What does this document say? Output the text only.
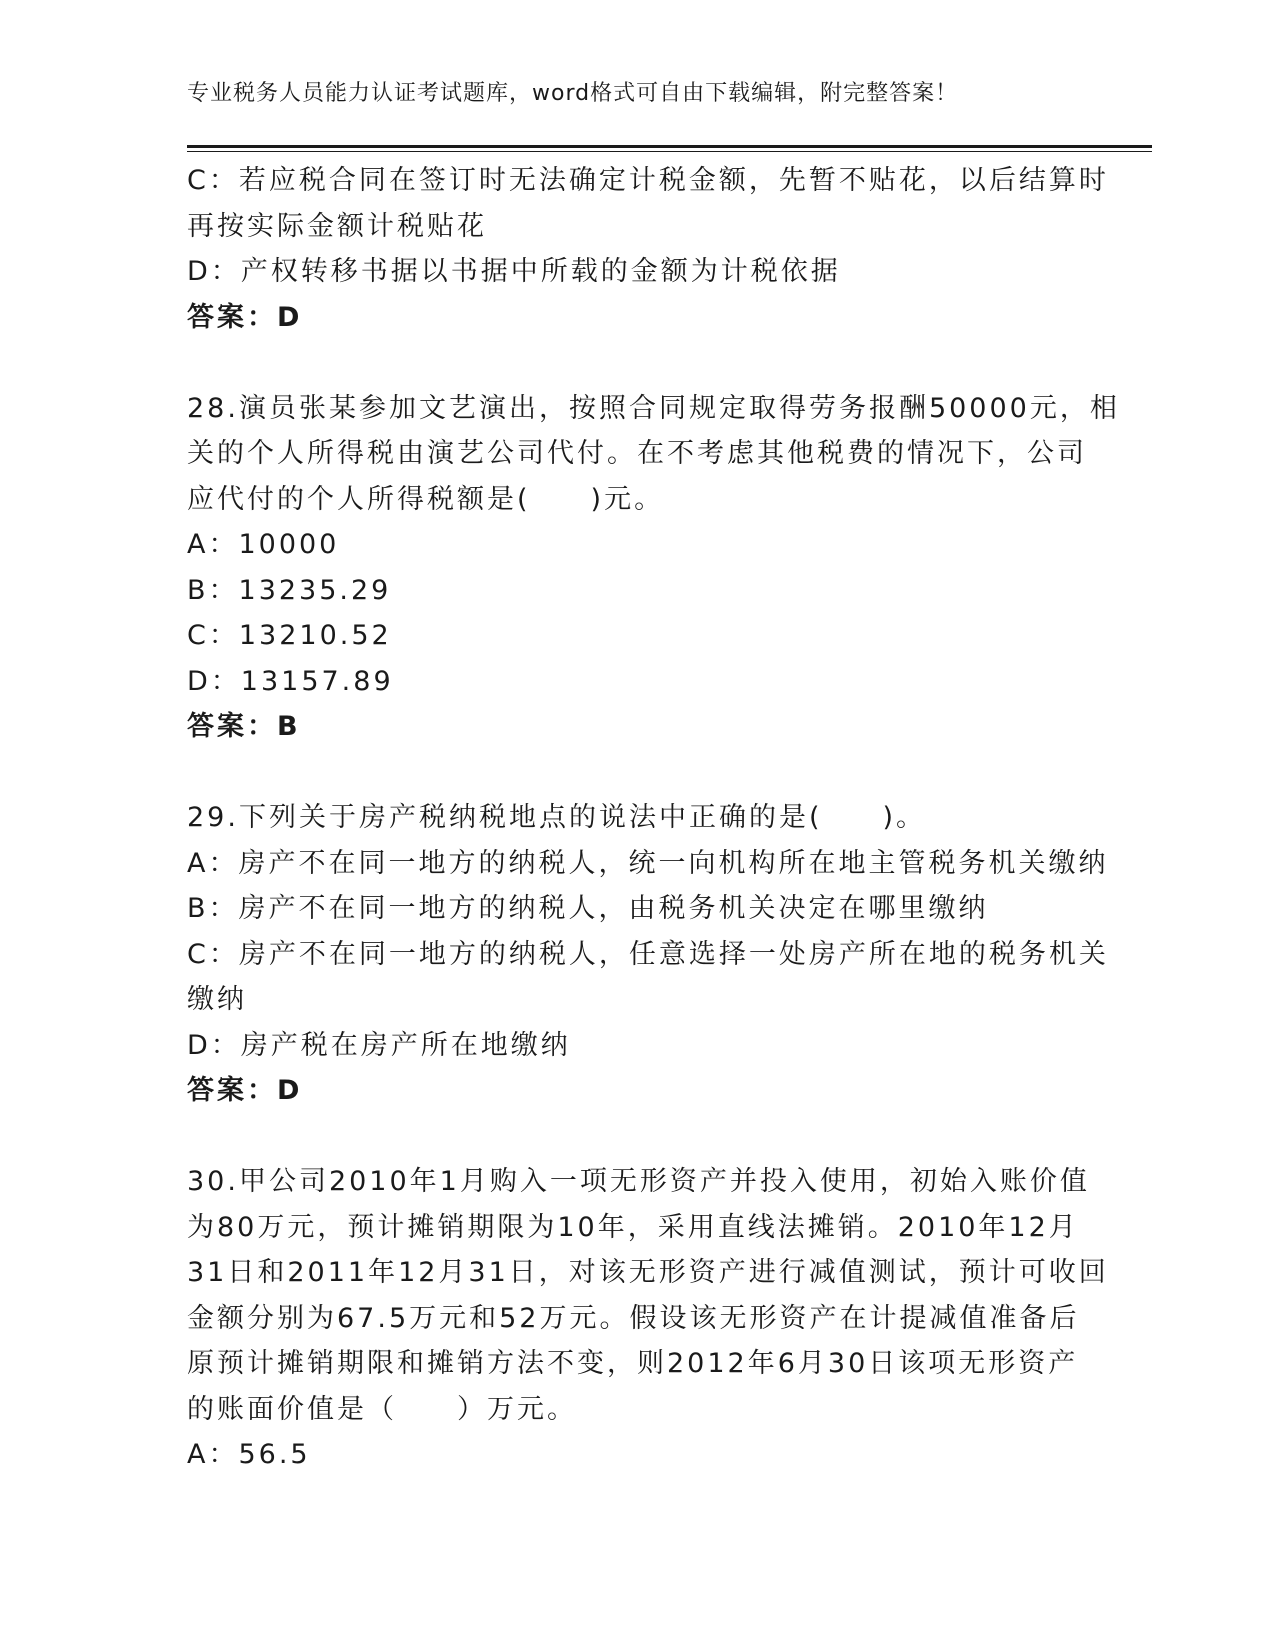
专业税务人员能力认证考试题库，word格式可自由下载编辑，附完整答案！
C：若应税合同在签订时无法确定计税金额，先暂不贴花，以后结算时
再按实际金额计税贴花
D：产权转移书据以书据中所载的金额为计税依据
答案：D
28.演员张某参加文艺演出，按照合同规定取得劳务报酬50000元，相
关的个人所得税由演艺公司代付。在不考虑其他税费的情况下，公司
应代付的个人所得税额是(　　)元。
A：10000
B：13235.29
C：13210.52
D：13157.89
答案：B
29.下列关于房产税纳税地点的说法中正确的是(　　)。
A：房产不在同一地方的纳税人，统一向机构所在地主管税务机关缴纳
B：房产不在同一地方的纳税人，由税务机关决定在哪里缴纳
C：房产不在同一地方的纳税人，任意选择一处房产所在地的税务机关
缴纳
D：房产税在房产所在地缴纳
答案：D
30.甲公司2010年1月购入一项无形资产并投入使用，初始入账价值
为80万元，预计摊销期限为10年，采用直线法摊销。2010年12月
31日和2011年12月31日，对该无形资产进行减值测试，预计可收回
金额分别为67.5万元和52万元。假设该无形资产在计提减值准备后
原预计摊销期限和摊销方法不变，则2012年6月30日该项无形资产
的账面价值是（　　）万元。
A：56.5
